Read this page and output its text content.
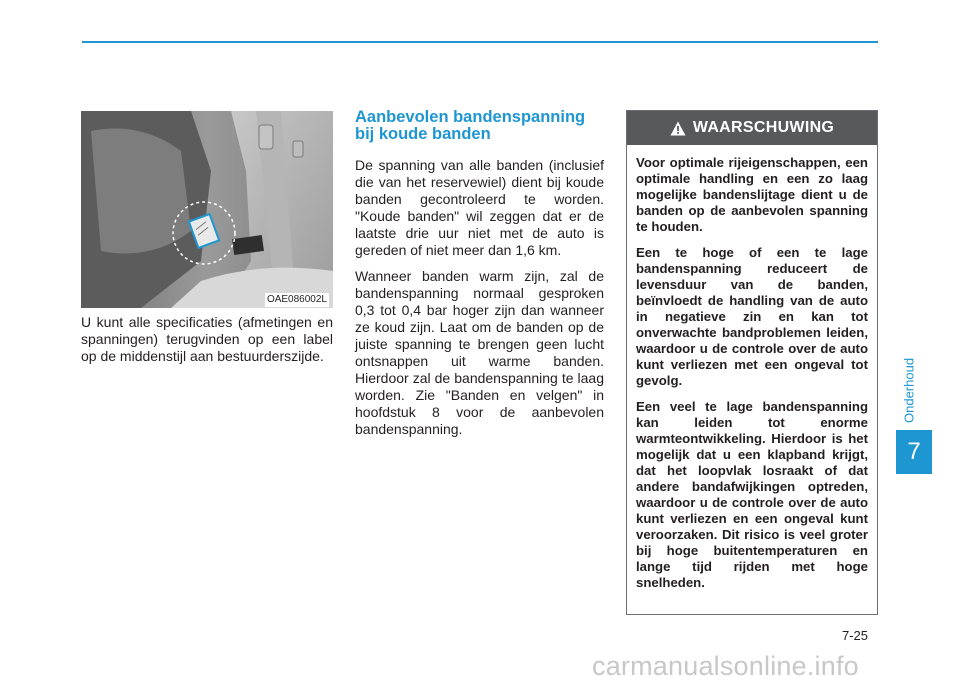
OAE086002L
U kunt alle specificaties (afmetingen en spanningen) terugvinden op een label op de middenstijl aan bestuurderszijde.
Aanbevolen bandenspanning bij koude banden

De spanning van alle banden (inclusief die van het reservewiel) dient bij koude banden gecontroleerd te worden. "Koude banden" wil zeggen dat er de laatste drie uur niet met de auto is gereden of niet meer dan 1,6 km.

Wanneer banden warm zijn, zal de bandenspanning normaal gesproken 0,3 tot 0,4 bar hoger zijn dan wanneer ze koud zijn. Laat om de banden op de juiste spanning te brengen geen lucht ontsnappen uit warme banden. Hierdoor zal de bandenspanning te laag worden. Zie "Banden en velgen" in hoofdstuk 8 voor de aanbevolen bandenspanning.

WAARSCHUWING

Voor optimale rijeigenschappen, een optimale handling en een zo laag mogelijke bandenslijtage dient u de banden op de aanbevolen spanning te houden.

Een te hoge of een te lage bandenspanning reduceert de levensduur van de banden, beïnvloedt de handling van de auto in negatieve zin en kan tot onverwachte bandproblemen leiden, waardoor u de controle over de auto kunt verliezen met een ongeval tot gevolg.

Een veel te lage bandenspanning kan leiden tot enorme warmteontwikkeling. Hierdoor is het mogelijk dat u een klapband krijgt, dat het loopvlak losraakt of dat andere bandafwijkingen optreden, waardoor u de controle over de auto kunt verliezen en een ongeval kunt veroorzaken. Dit risico is veel groter bij hoge buitentemperaturen en lange tijd rijden met hoge snelheden.

Onderhoud
7
7-25
carmanualsonline.info
